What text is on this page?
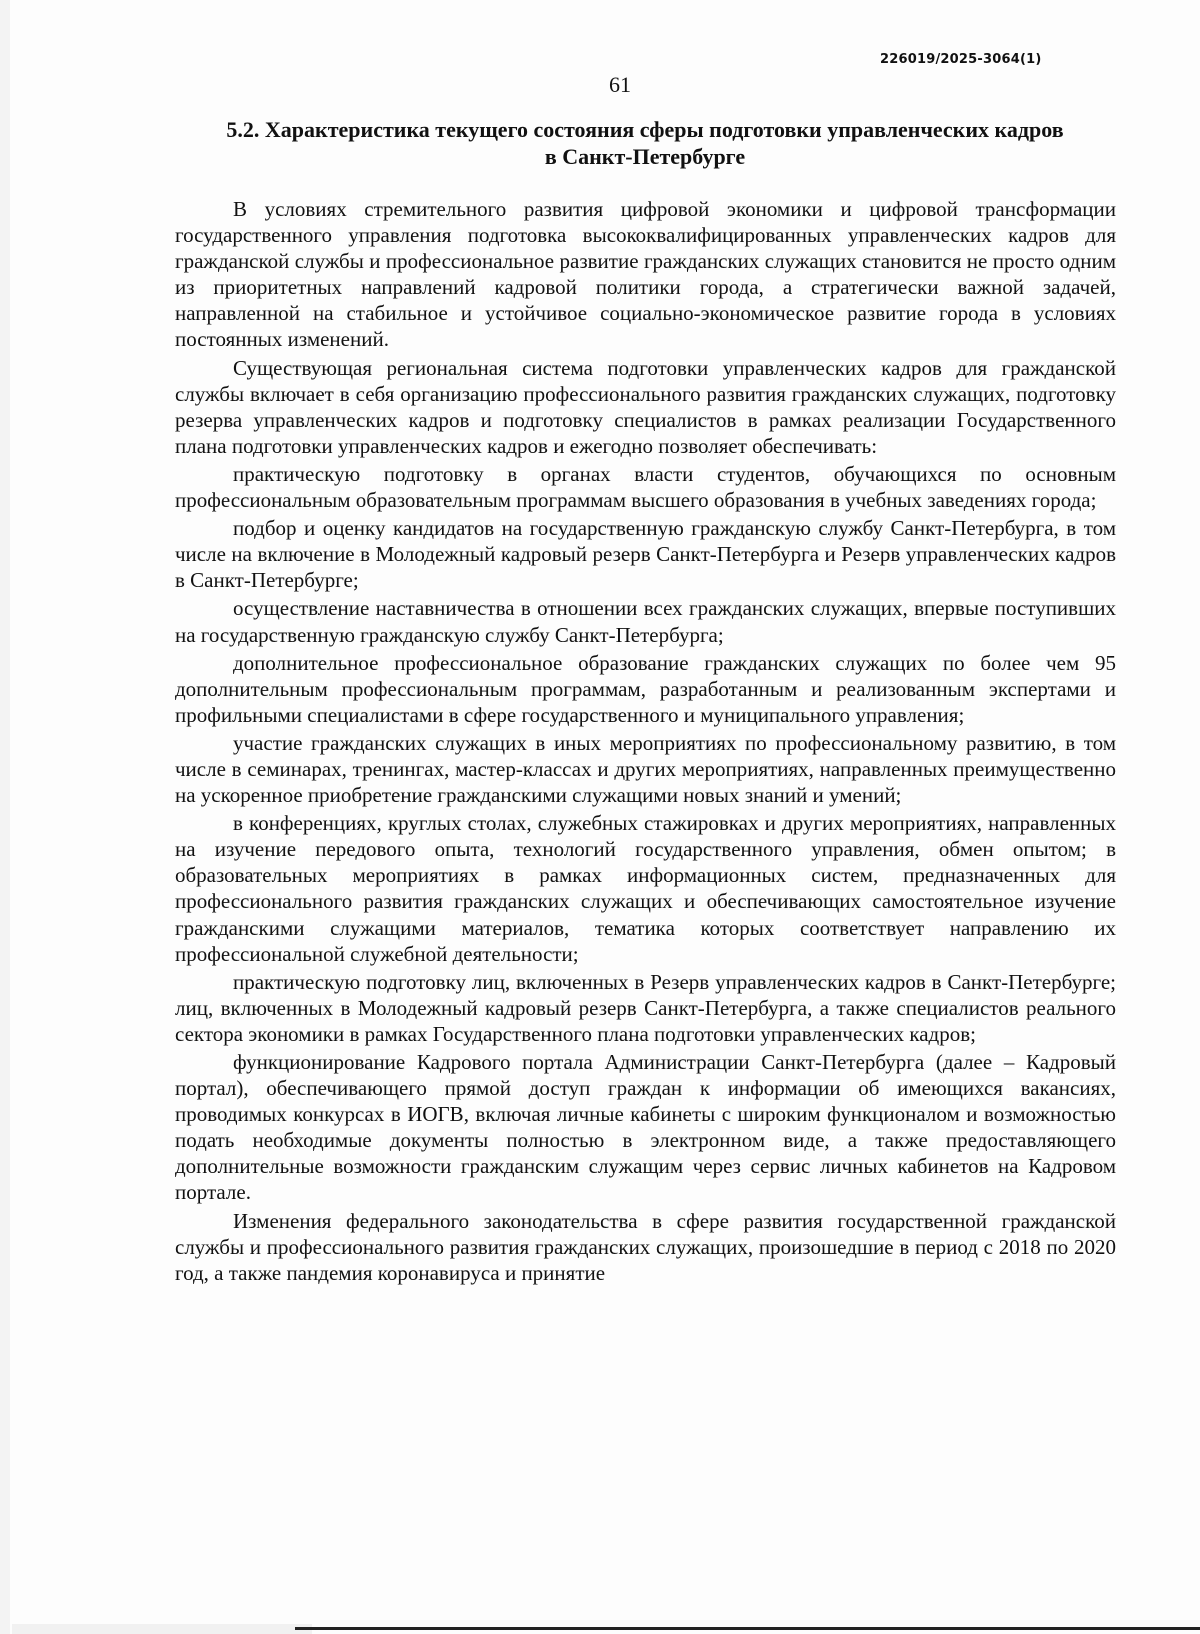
226019/2025-3064(1)
61
5.2. Характеристика текущего состояния сферы подготовки управленческих кадров
в Санкт-Петербурге

В условиях стремительного развития цифровой экономики и цифровой трансформации государственного управления подготовка высококвалифицированных управленческих кадров для гражданской службы и профессиональное развитие гражданских служащих становится не просто одним из приоритетных направлений кадровой политики города, а стратегически важной задачей, направленной на стабильное и устойчивое социально-экономическое развитие города в условиях постоянных изменений.

Существующая региональная система подготовки управленческих кадров для гражданской службы включает в себя организацию профессионального развития гражданских служащих, подготовку резерва управленческих кадров и подготовку специалистов в рамках реализации Государственного плана подготовки управленческих кадров и ежегодно позволяет обеспечивать:

практическую подготовку в органах власти студентов, обучающихся по основным профессиональным образовательным программам высшего образования в учебных заведениях города;

подбор и оценку кандидатов на государственную гражданскую службу Санкт-Петербурга, в том числе на включение в Молодежный кадровый резерв Санкт-Петербурга и Резерв управленческих кадров в Санкт-Петербурге;

осуществление наставничества в отношении всех гражданских служащих, впервые поступивших на государственную гражданскую службу Санкт-Петербурга;

дополнительное профессиональное образование гражданских служащих по более чем 95 дополнительным профессиональным программам, разработанным и реализованным экспертами и профильными специалистами в сфере государственного и муниципального управления;

участие гражданских служащих в иных мероприятиях по профессиональному развитию, в том числе в семинарах, тренингах, мастер-классах и других мероприятиях, направленных преимущественно на ускоренное приобретение гражданскими служащими новых знаний и умений;

в конференциях, круглых столах, служебных стажировках и других мероприятиях, направленных на изучение передового опыта, технологий государственного управления, обмен опытом; в образовательных мероприятиях в рамках информационных систем, предназначенных для профессионального развития гражданских служащих и обеспечивающих самостоятельное изучение гражданскими служащими материалов, тематика которых соответствует направлению их профессиональной служебной деятельности;

практическую подготовку лиц, включенных в Резерв управленческих кадров в Санкт-Петербурге; лиц, включенных в Молодежный кадровый резерв Санкт-Петербурга, а также специалистов реального сектора экономики в рамках Государственного плана подготовки управленческих кадров;

функционирование Кадрового портала Администрации Санкт-Петербурга (далее – Кадровый портал), обеспечивающего прямой доступ граждан к информации об имеющихся вакансиях, проводимых конкурсах в ИОГВ, включая личные кабинеты с широким функционалом и возможностью подать необходимые документы полностью в электронном виде, а также предоставляющего дополнительные возможности гражданским служащим через сервис личных кабинетов на Кадровом портале.

Изменения федерального законодательства в сфере развития государственной гражданской службы и профессионального развития гражданских служащих, произошедшие в период с 2018 по 2020 год, а также пандемия коронавируса и принятие
